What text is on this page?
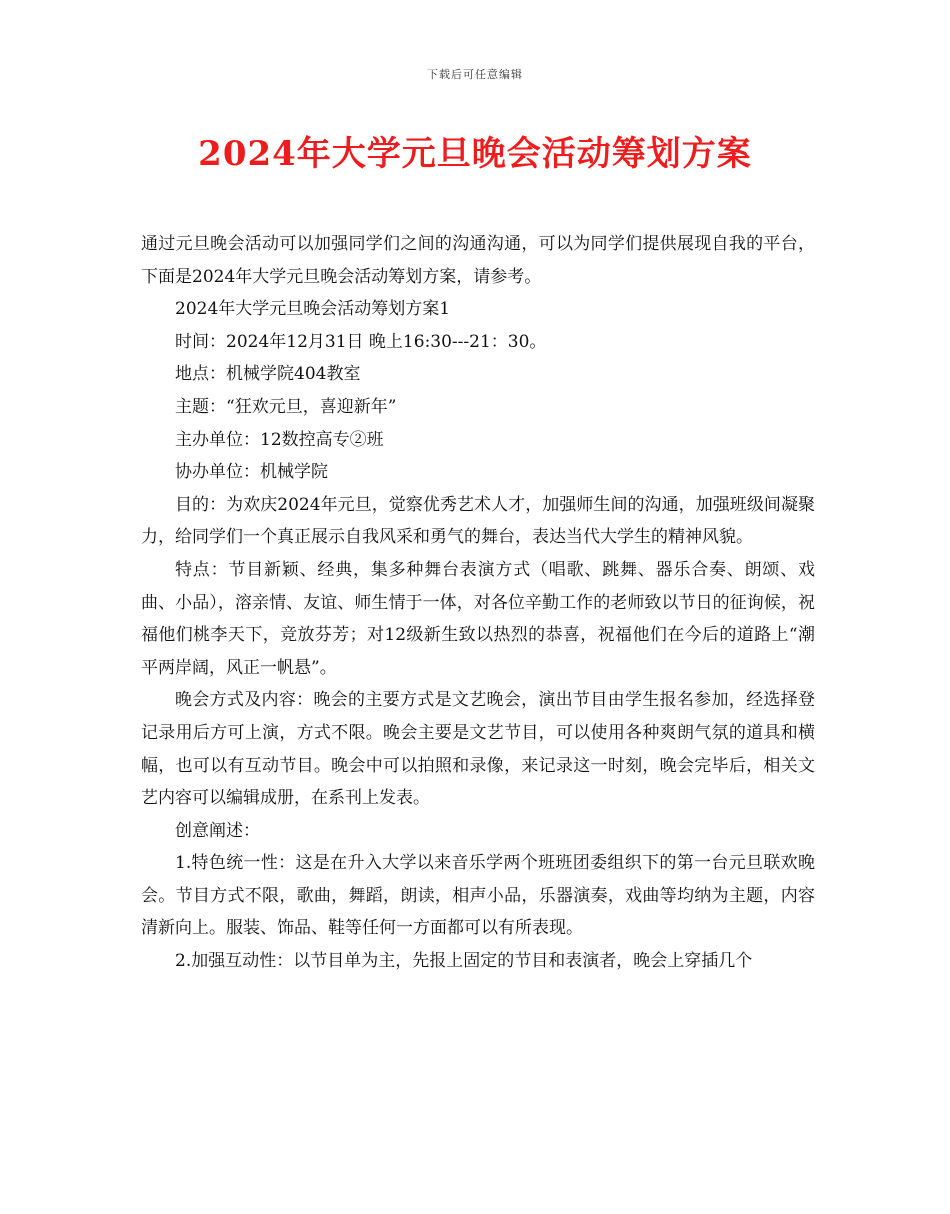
下载后可任意编辑
2024年大学元旦晚会活动筹划方案

通过元旦晚会活动可以加强同学们之间的沟通沟通，可以为同学们提供展现自我的平台，下面是2024年大学元旦晚会活动筹划方案，请参考。

2024年大学元旦晚会活动筹划方案1

时间：2024年12月31日 晚上16:30---21：30。

地点：机械学院404教室

主题：“狂欢元旦，喜迎新年”

主办单位：12数控高专②班

协办单位：机械学院

目的：为欢庆2024年元旦，觉察优秀艺术人才，加强师生间的沟通，加强班级间凝聚力，给同学们一个真正展示自我风采和勇气的舞台，表达当代大学生的精神风貌。

特点：节目新颖、经典，集多种舞台表演方式（唱歌、跳舞、器乐合奏、朗颂、戏曲、小品），溶亲情、友谊、师生情于一体，对各位辛勤工作的老师致以节日的征询候，祝福他们桃李天下，竞放芬芳；对12级新生致以热烈的恭喜，祝福他们在今后的道路上“潮平两岸阔，风正一帆悬”。

晚会方式及内容：晚会的主要方式是文艺晚会，演出节目由学生报名参加，经选择登记录用后方可上演，方式不限。晚会主要是文艺节目，可以使用各种爽朗气氛的道具和横幅，也可以有互动节目。晚会中可以拍照和录像，来记录这一时刻，晚会完毕后，相关文艺内容可以编辑成册，在系刊上发表。

创意阐述：

1.特色统一性：这是在升入大学以来音乐学两个班班团委组织下的第一台元旦联欢晚会。节目方式不限，歌曲，舞蹈，朗读，相声小品，乐器演奏，戏曲等均纳为主题，内容清新向上。服装、饰品、鞋等任何一方面都可以有所表现。

2.加强互动性：以节目单为主，先报上固定的节目和表演者，晚会上穿插几个
